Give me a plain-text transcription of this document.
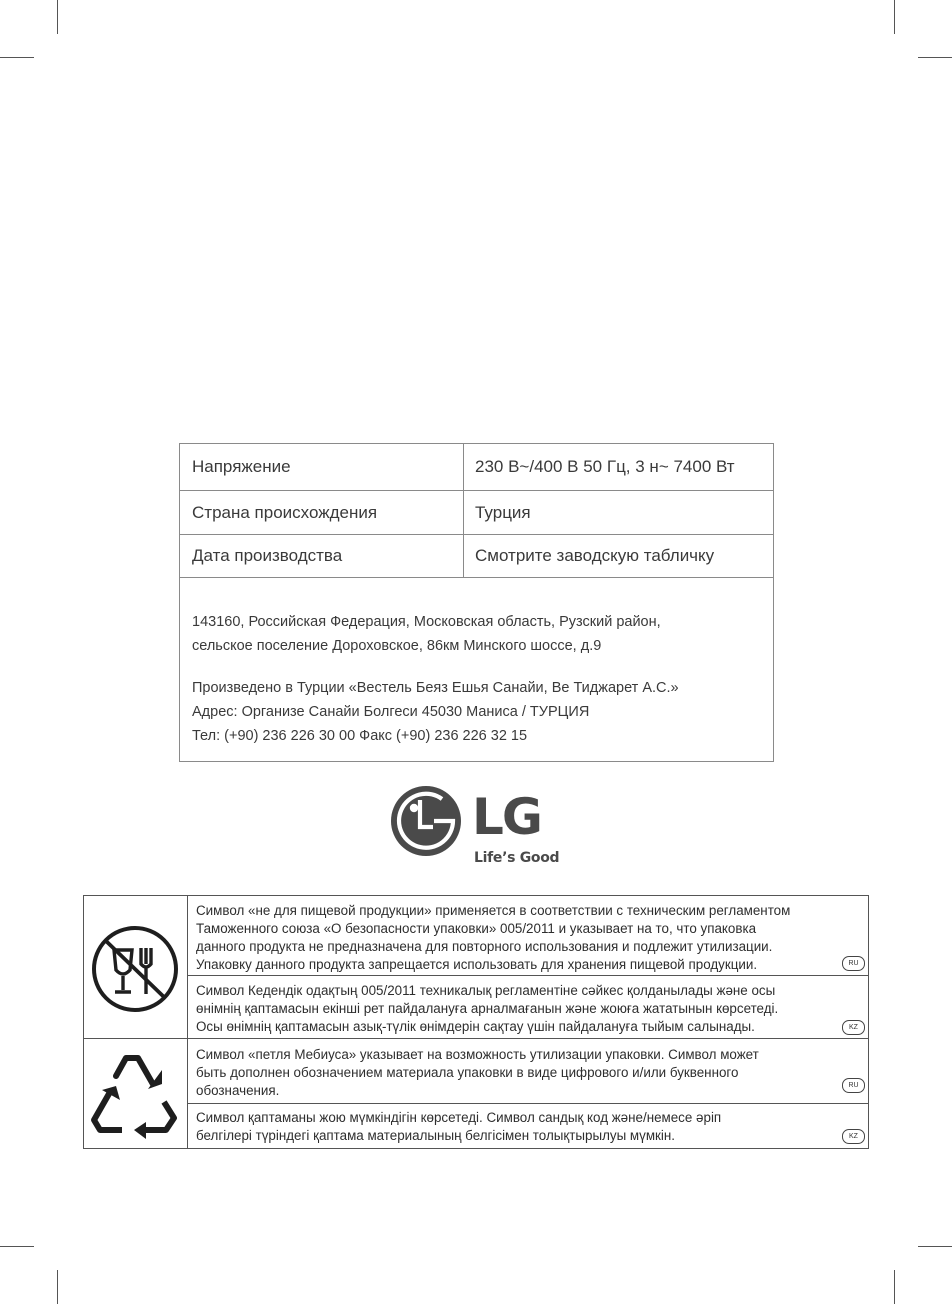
Напряжение	230 В~/400 В 50 Гц, 3 н~ 7400 Вт
Страна происхождения	Турция
Дата производства	Смотрите заводскую табличку
143160, Российская Федерация, Московская область, Рузский район,
сельское поселение Дороховское, 86км Минского шоссе, д.9
Произведено в Турции «Вестель Бeяз Ешья Санайи, Ве Тиджарет А.С.»
Адрес: Организе Санайи Болгеси 45030 Маниса / ТУРЦИЯ
Тел: (+90) 236 226 30 00 Факс (+90) 236 226 32 15
LG
Life’s Good
Символ «не для пищевой продукции» применяется в соответствии с техническим регламентом
Таможенного союза «О безопасности упаковки» 005/2011 и указывает на то, что упаковка
данного продукта не предназначена для повторного использования и подлежит утилизации.
Упаковку данного продукта запрещается использовать для хранения пищевой продукции.	RU
Символ Кедендік одақтың 005/2011 техникалық регламентіне сәйкес қолданылады және осы
өнімнің қаптамасын екінші рет пайдалануға арналмағанын және жоюға жататынын көрсетеді.
Осы өнімнің қаптамасын азық-түлік өнімдерін сақтау үшін пайдалануға тыйым салынады.	KZ
Символ «петля Мебиуса» указывает на возможность утилизации упаковки. Символ может
быть дополнен обозначением материала упаковки в виде цифрового и/или буквенного
обозначения.	RU
Символ қаптаманы жою мүмкіндігін көрсетеді. Символ сандық код және/немесе әріп
белгілері түріндегі қаптама материалының белгісімен толықтырылуы мүмкін.	KZ
